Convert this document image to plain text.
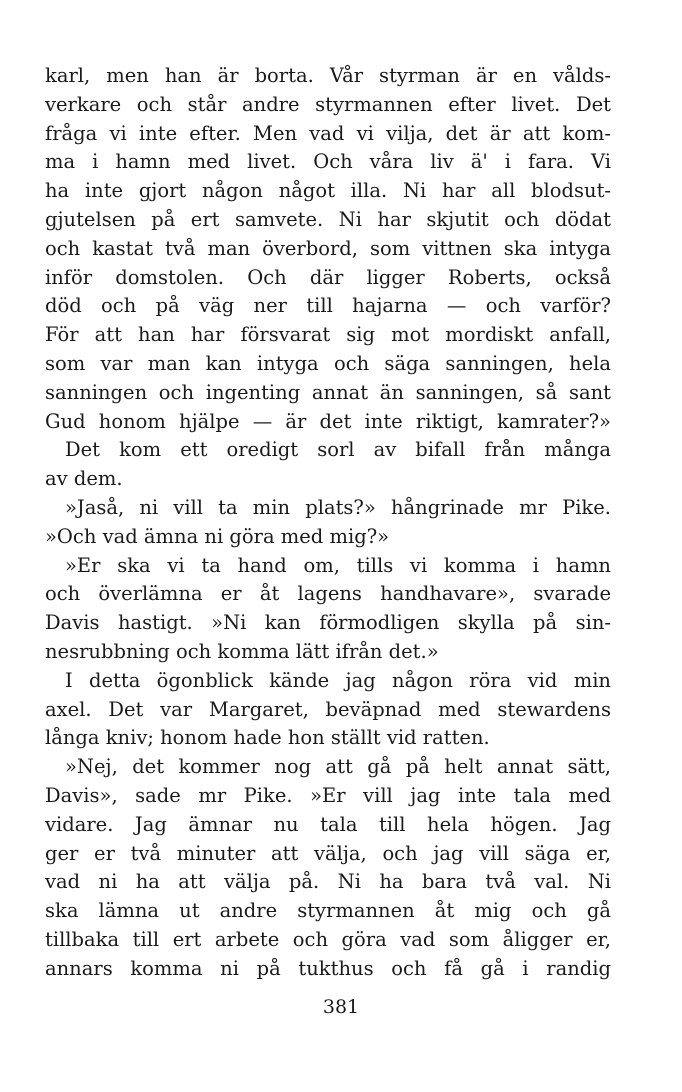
karl, men han är borta. Vår styrman är en vålds-
verkare och står andre styrmannen efter livet. Det
fråga vi inte efter. Men vad vi vilja, det är att kom-
ma i hamn med livet. Och våra liv ä' i fara. Vi
ha inte gjort någon något illa. Ni har all blodsut-
gjutelsen på ert samvete. Ni har skjutit och dödat
och kastat två man överbord, som vittnen ska intyga
inför domstolen. Och där ligger Roberts, också
död och på väg ner till hajarna — och varför?
För att han har försvarat sig mot mordiskt anfall,
som var man kan intyga och säga sanningen, hela
sanningen och ingenting annat än sanningen, så sant
Gud honom hjälpe — är det inte riktigt, kamrater?»
Det kom ett oredigt sorl av bifall från många
av dem.
»Jaså, ni vill ta min plats?» hångrinade mr Pike.
»Och vad ämna ni göra med mig?»
»Er ska vi ta hand om, tills vi komma i hamn
och överlämna er åt lagens handhavare», svarade
Davis hastigt. »Ni kan förmodligen skylla på sin-
nesrubbning och komma lätt ifrån det.»
I detta ögonblick kände jag någon röra vid min
axel. Det var Margaret, beväpnad med stewardens
långa kniv; honom hade hon ställt vid ratten.
»Nej, det kommer nog att gå på helt annat sätt,
Davis», sade mr Pike. »Er vill jag inte tala med
vidare. Jag ämnar nu tala till hela högen. Jag
ger er två minuter att välja, och jag vill säga er,
vad ni ha att välja på. Ni ha bara två val. Ni
ska lämna ut andre styrmannen åt mig och gå
tillbaka till ert arbete och göra vad som åligger er,
annars komma ni på tukthus och få gå i randig
381
